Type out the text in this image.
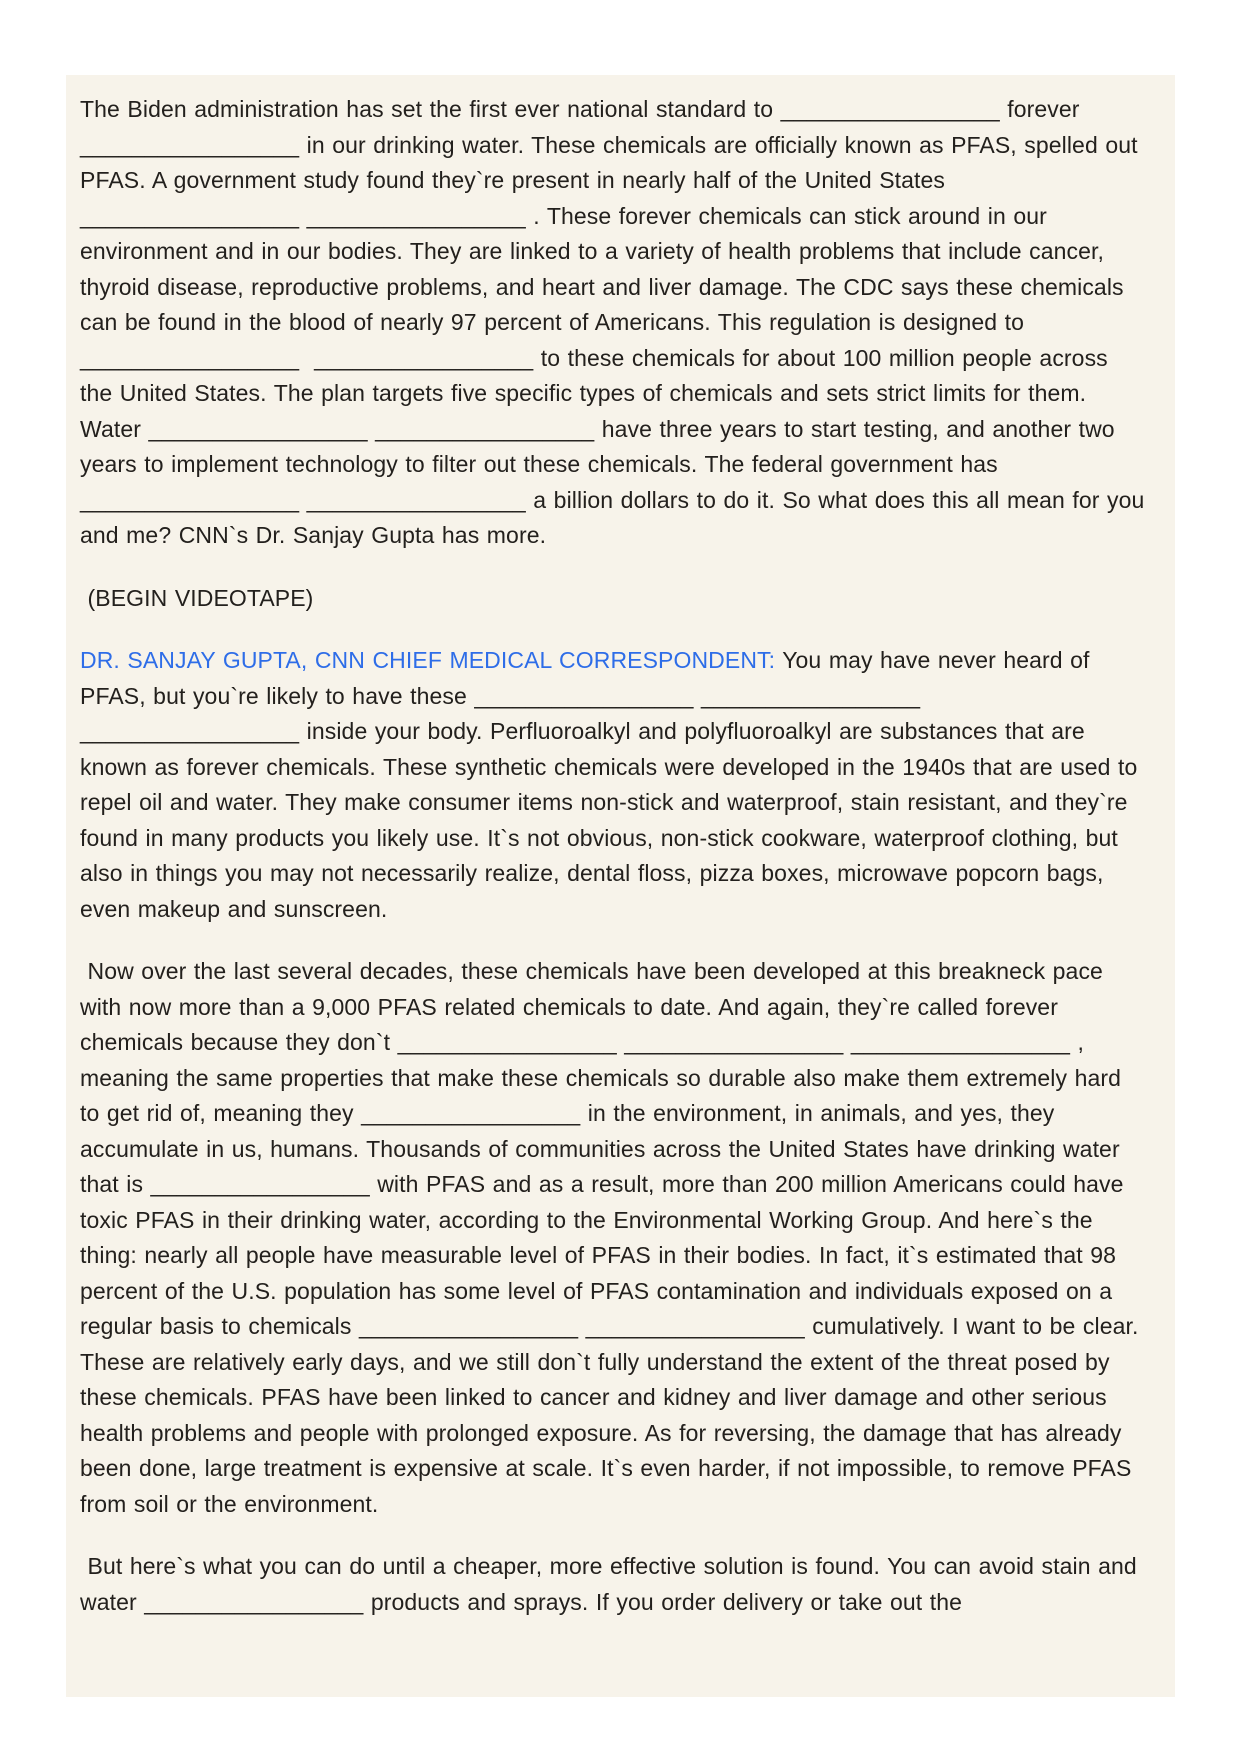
The Biden administration has set the first ever national standard to _________________ forever _________________ in our drinking water. These chemicals are officially known as PFAS, spelled out PFAS. A government study found they`re present in nearly half of the United States _________________ _________________ . These forever chemicals can stick around in our environment and in our bodies. They are linked to a variety of health problems that include cancer, thyroid disease, reproductive problems, and heart and liver damage. The CDC says these chemicals can be found in the blood of nearly 97 percent of Americans. This regulation is designed to _________________  _________________ to these chemicals for about 100 million people across the United States. The plan targets five specific types of chemicals and sets strict limits for them. Water _________________ _________________ have three years to start testing, and another two years to implement technology to filter out these chemicals. The federal government has _________________ _________________ a billion dollars to do it. So what does this all mean for you and me? CNN`s Dr. Sanjay Gupta has more.

(BEGIN VIDEOTAPE)

DR. SANJAY GUPTA, CNN CHIEF MEDICAL CORRESPONDENT: You may have never heard of PFAS, but you`re likely to have these _________________ _________________ _________________ inside your body. Perfluoroalkyl and polyfluoroalkyl are substances that are known as forever chemicals. These synthetic chemicals were developed in the 1940s that are used to repel oil and water. They make consumer items non-stick and waterproof, stain resistant, and they`re found in many products you likely use. It`s not obvious, non-stick cookware, waterproof clothing, but also in things you may not necessarily realize, dental floss, pizza boxes, microwave popcorn bags, even makeup and sunscreen.

Now over the last several decades, these chemicals have been developed at this breakneck pace with now more than a 9,000 PFAS related chemicals to date. And again, they`re called forever chemicals because they don`t _________________ _________________ _________________ , meaning the same properties that make these chemicals so durable also make them extremely hard to get rid of, meaning they _________________ in the environment, in animals, and yes, they accumulate in us, humans. Thousands of communities across the United States have drinking water that is _________________ with PFAS and as a result, more than 200 million Americans could have toxic PFAS in their drinking water, according to the Environmental Working Group. And here`s the thing: nearly all people have measurable level of PFAS in their bodies. In fact, it`s estimated that 98 percent of the U.S. population has some level of PFAS contamination and individuals exposed on a regular basis to chemicals _________________ _________________ cumulatively. I want to be clear. These are relatively early days, and we still don`t fully understand the extent of the threat posed by these chemicals. PFAS have been linked to cancer and kidney and liver damage and other serious health problems and people with prolonged exposure. As for reversing, the damage that has already been done, large treatment is expensive at scale. It`s even harder, if not impossible, to remove PFAS from soil or the environment.

But here`s what you can do until a cheaper, more effective solution is found. You can avoid stain and water _________________ products and sprays. If you order delivery or take out the
